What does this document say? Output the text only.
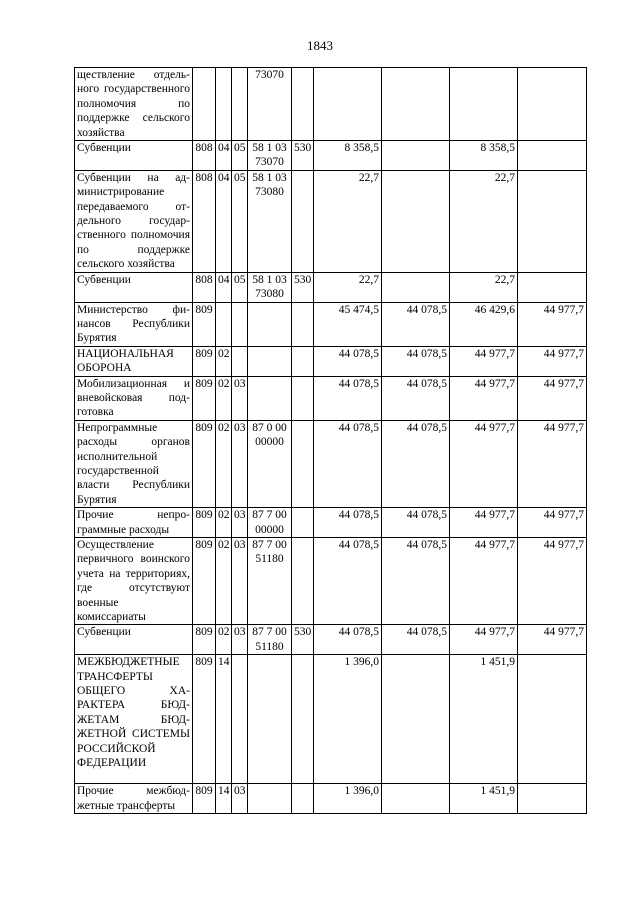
1843
ществление отдельного государственного полномочия по поддержке сельского хозяйства				73070					
Субвенции	808	04	05	58 1 03 73070	530	8 358,5		8 358,5	
Субвенции на администрирование передаваемого отдельного государственного полномочия по поддержке сельского хозяйства	808	04	05	58 1 03 73080		22,7		22,7	
Субвенции	808	04	05	58 1 03 73080	530	22,7		22,7	
Министерство финансов Республики Бурятия	809					45 474,5	44 078,5	46 429,6	44 977,7
НАЦИОНАЛЬНАЯ ОБОРОНА	809	02				44 078,5	44 078,5	44 977,7	44 977,7
Мобилизационная и вневойсковая подготовка	809	02	03			44 078,5	44 078,5	44 977,7	44 977,7
Непрограммные расходы органов исполнительной государственной власти Республики Бурятия	809	02	03	87 0 00 00000		44 078,5	44 078,5	44 977,7	44 977,7
Прочие непрограммные расходы	809	02	03	87 7 00 00000		44 078,5	44 078,5	44 977,7	44 977,7
Осуществление первичного воинского учета на территориях, где отсутствуют военные комиссариаты	809	02	03	87 7 00 51180		44 078,5	44 078,5	44 977,7	44 977,7
Субвенции	809	02	03	87 7 00 51180	530	44 078,5	44 078,5	44 977,7	44 977,7
МЕЖБЮДЖЕТНЫЕ ТРАНСФЕРТЫ ОБЩЕГО ХАРАКТЕРА БЮДЖЕТАМ БЮДЖЕТНОЙ СИСТЕМЫ РОССИЙСКОЙ ФЕДЕРАЦИИ	809	14				1 396,0		1 451,9	
Прочие межбюджетные трансферты	809	14	03			1 396,0		1 451,9	
